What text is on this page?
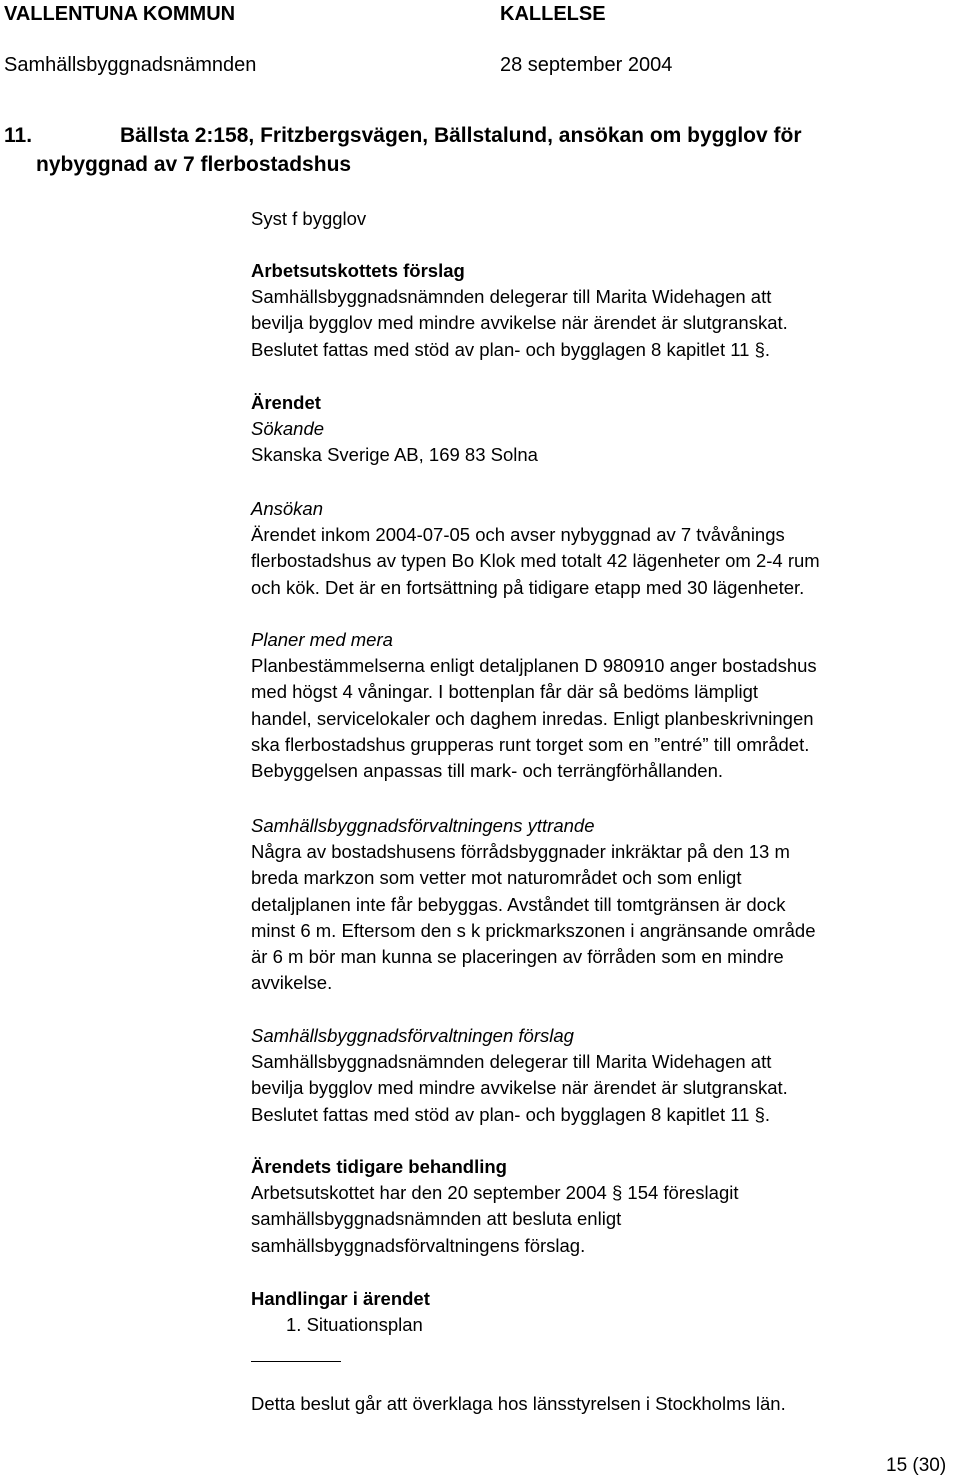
VALLENTUNA KOMMUN	KALLELSE
Samhällsbyggnadsnämnden	28 september 2004
11.	Bällsta 2:158, Fritzbergsvägen, Bällstalund, ansökan om bygglov för
nybyggnad av 7 flerbostadshus

Syst f bygglov

Arbetsutskottets förslag

Samhällsbyggnadsnämnden delegerar till Marita Widehagen att

bevilja bygglov med mindre avvikelse när ärendet är slutgranskat.

Beslutet fattas med stöd av plan- och bygglagen 8 kapitlet 11 §.

Ärendet

Sökande

Skanska Sverige AB, 169 83 Solna

Ansökan

Ärendet inkom 2004-07-05 och avser nybyggnad av 7 tvåvånings

flerbostadshus av typen Bo Klok med totalt 42 lägenheter om 2-4 rum

och kök. Det är en fortsättning på tidigare etapp med 30 lägenheter.

Planer med mera

Planbestämmelserna enligt detaljplanen D 980910 anger bostadshus

med högst 4 våningar. I bottenplan får där så bedöms lämpligt

handel, servicelokaler och daghem inredas. Enligt planbeskrivningen

ska flerbostadshus grupperas runt torget som en ”entré” till området.

Bebyggelsen anpassas till mark- och terrängförhållanden.

Samhällsbyggnadsförvaltningens yttrande

Några av bostadshusens förrådsbyggnader inkräktar på den 13 m

breda markzon som vetter mot naturområdet och som enligt

detaljplanen inte får bebyggas. Avståndet till tomtgränsen är dock

minst 6 m. Eftersom den s k prickmarkszonen i angränsande område

är 6 m bör man kunna se placeringen av förråden som en mindre

avvikelse.

Samhällsbyggnadsförvaltningen förslag

Samhällsbyggnadsnämnden delegerar till Marita Widehagen att

bevilja bygglov med mindre avvikelse när ärendet är slutgranskat.

Beslutet fattas med stöd av plan- och bygglagen 8 kapitlet 11 §.

Ärendets tidigare behandling

Arbetsutskottet har den 20 september 2004 § 154 föreslagit

samhällsbyggnadsnämnden att besluta enligt

samhällsbyggnadsförvaltningens förslag.

Handlingar i ärendet

1. Situationsplan

Detta beslut går att överklaga hos länsstyrelsen i Stockholms län.

15 (30)
